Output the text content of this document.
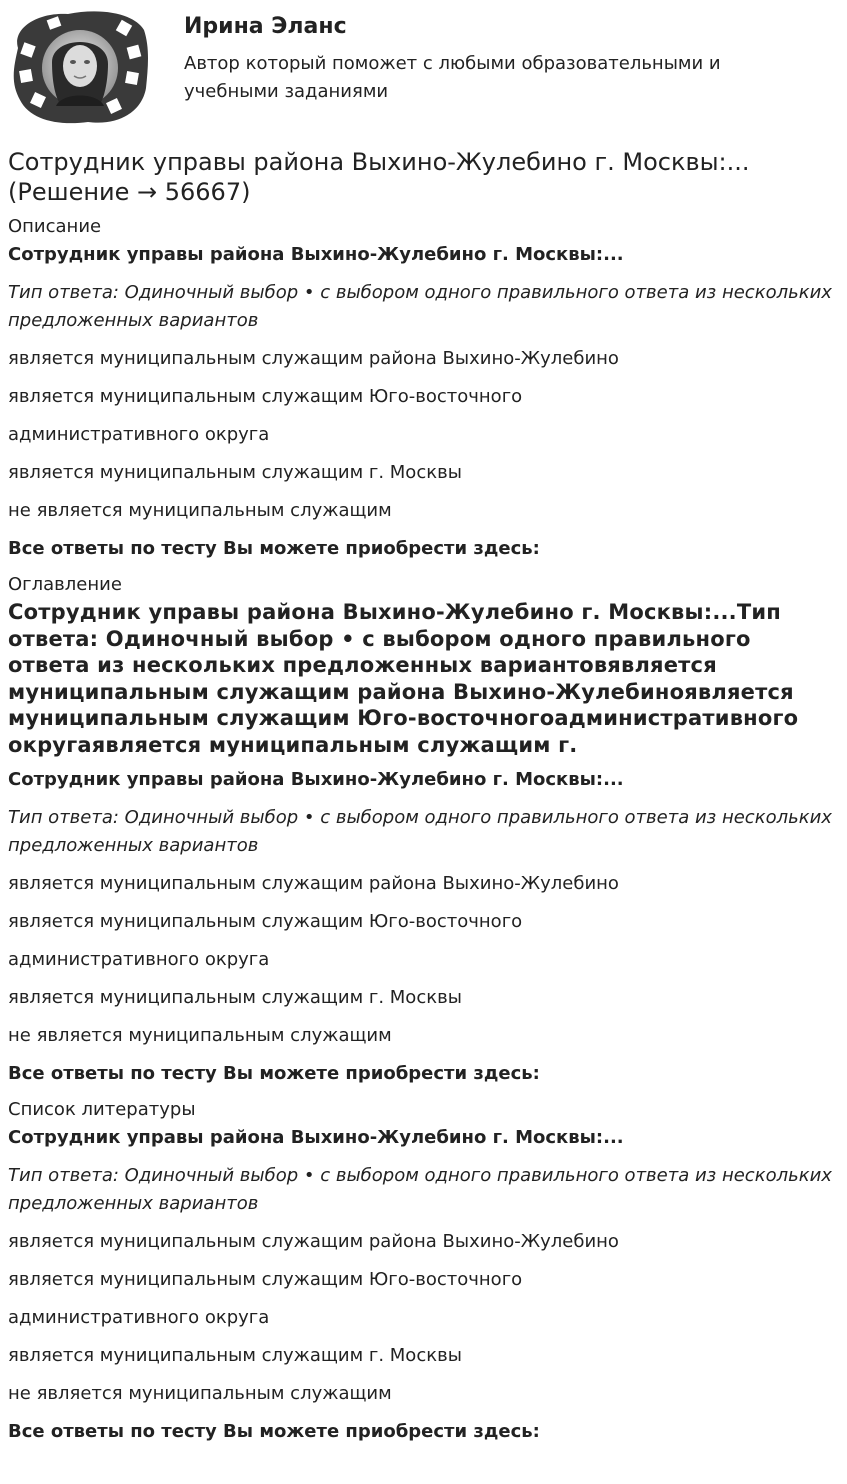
Ирина Эланс

Автор который поможет с любыми образовательными и учебными заданиями

Сотрудник управы района Выхино-Жулебино г. Москвы:... (Решение → 56667)

Описание

Сотрудник управы района Выхино-Жулебино г. Москвы:...

Тип ответа: Одиночный выбор • с выбором одного правильного ответа из нескольких предложенных вариантов

является муниципальным служащим района Выхино-Жулебино

является муниципальным служащим Юго-восточного

административного округа

является муниципальным служащим г. Москвы

не является муниципальным служащим

Все ответы по тесту Вы можете приобрести здесь:

Оглавление

Сотрудник управы района Выхино-Жулебино г. Москвы:...Тип ответа: Одиночный выбор • с выбором одного правильного ответа из нескольких предложенных вариантовявляется муниципальным служащим района Выхино-Жулебиноявляется муниципальным служащим Юго-восточногоадминистративного округаявляется муниципальным служащим г.

Сотрудник управы района Выхино-Жулебино г. Москвы:...

Тип ответа: Одиночный выбор • с выбором одного правильного ответа из нескольких предложенных вариантов

является муниципальным служащим района Выхино-Жулебино

является муниципальным служащим Юго-восточного

административного округа

является муниципальным служащим г. Москвы

не является муниципальным служащим

Все ответы по тесту Вы можете приобрести здесь:

Список литературы

Сотрудник управы района Выхино-Жулебино г. Москвы:...

Тип ответа: Одиночный выбор • с выбором одного правильного ответа из нескольких предложенных вариантов

является муниципальным служащим района Выхино-Жулебино

является муниципальным служащим Юго-восточного

административного округа

является муниципальным служащим г. Москвы

не является муниципальным служащим

Все ответы по тесту Вы можете приобрести здесь:
